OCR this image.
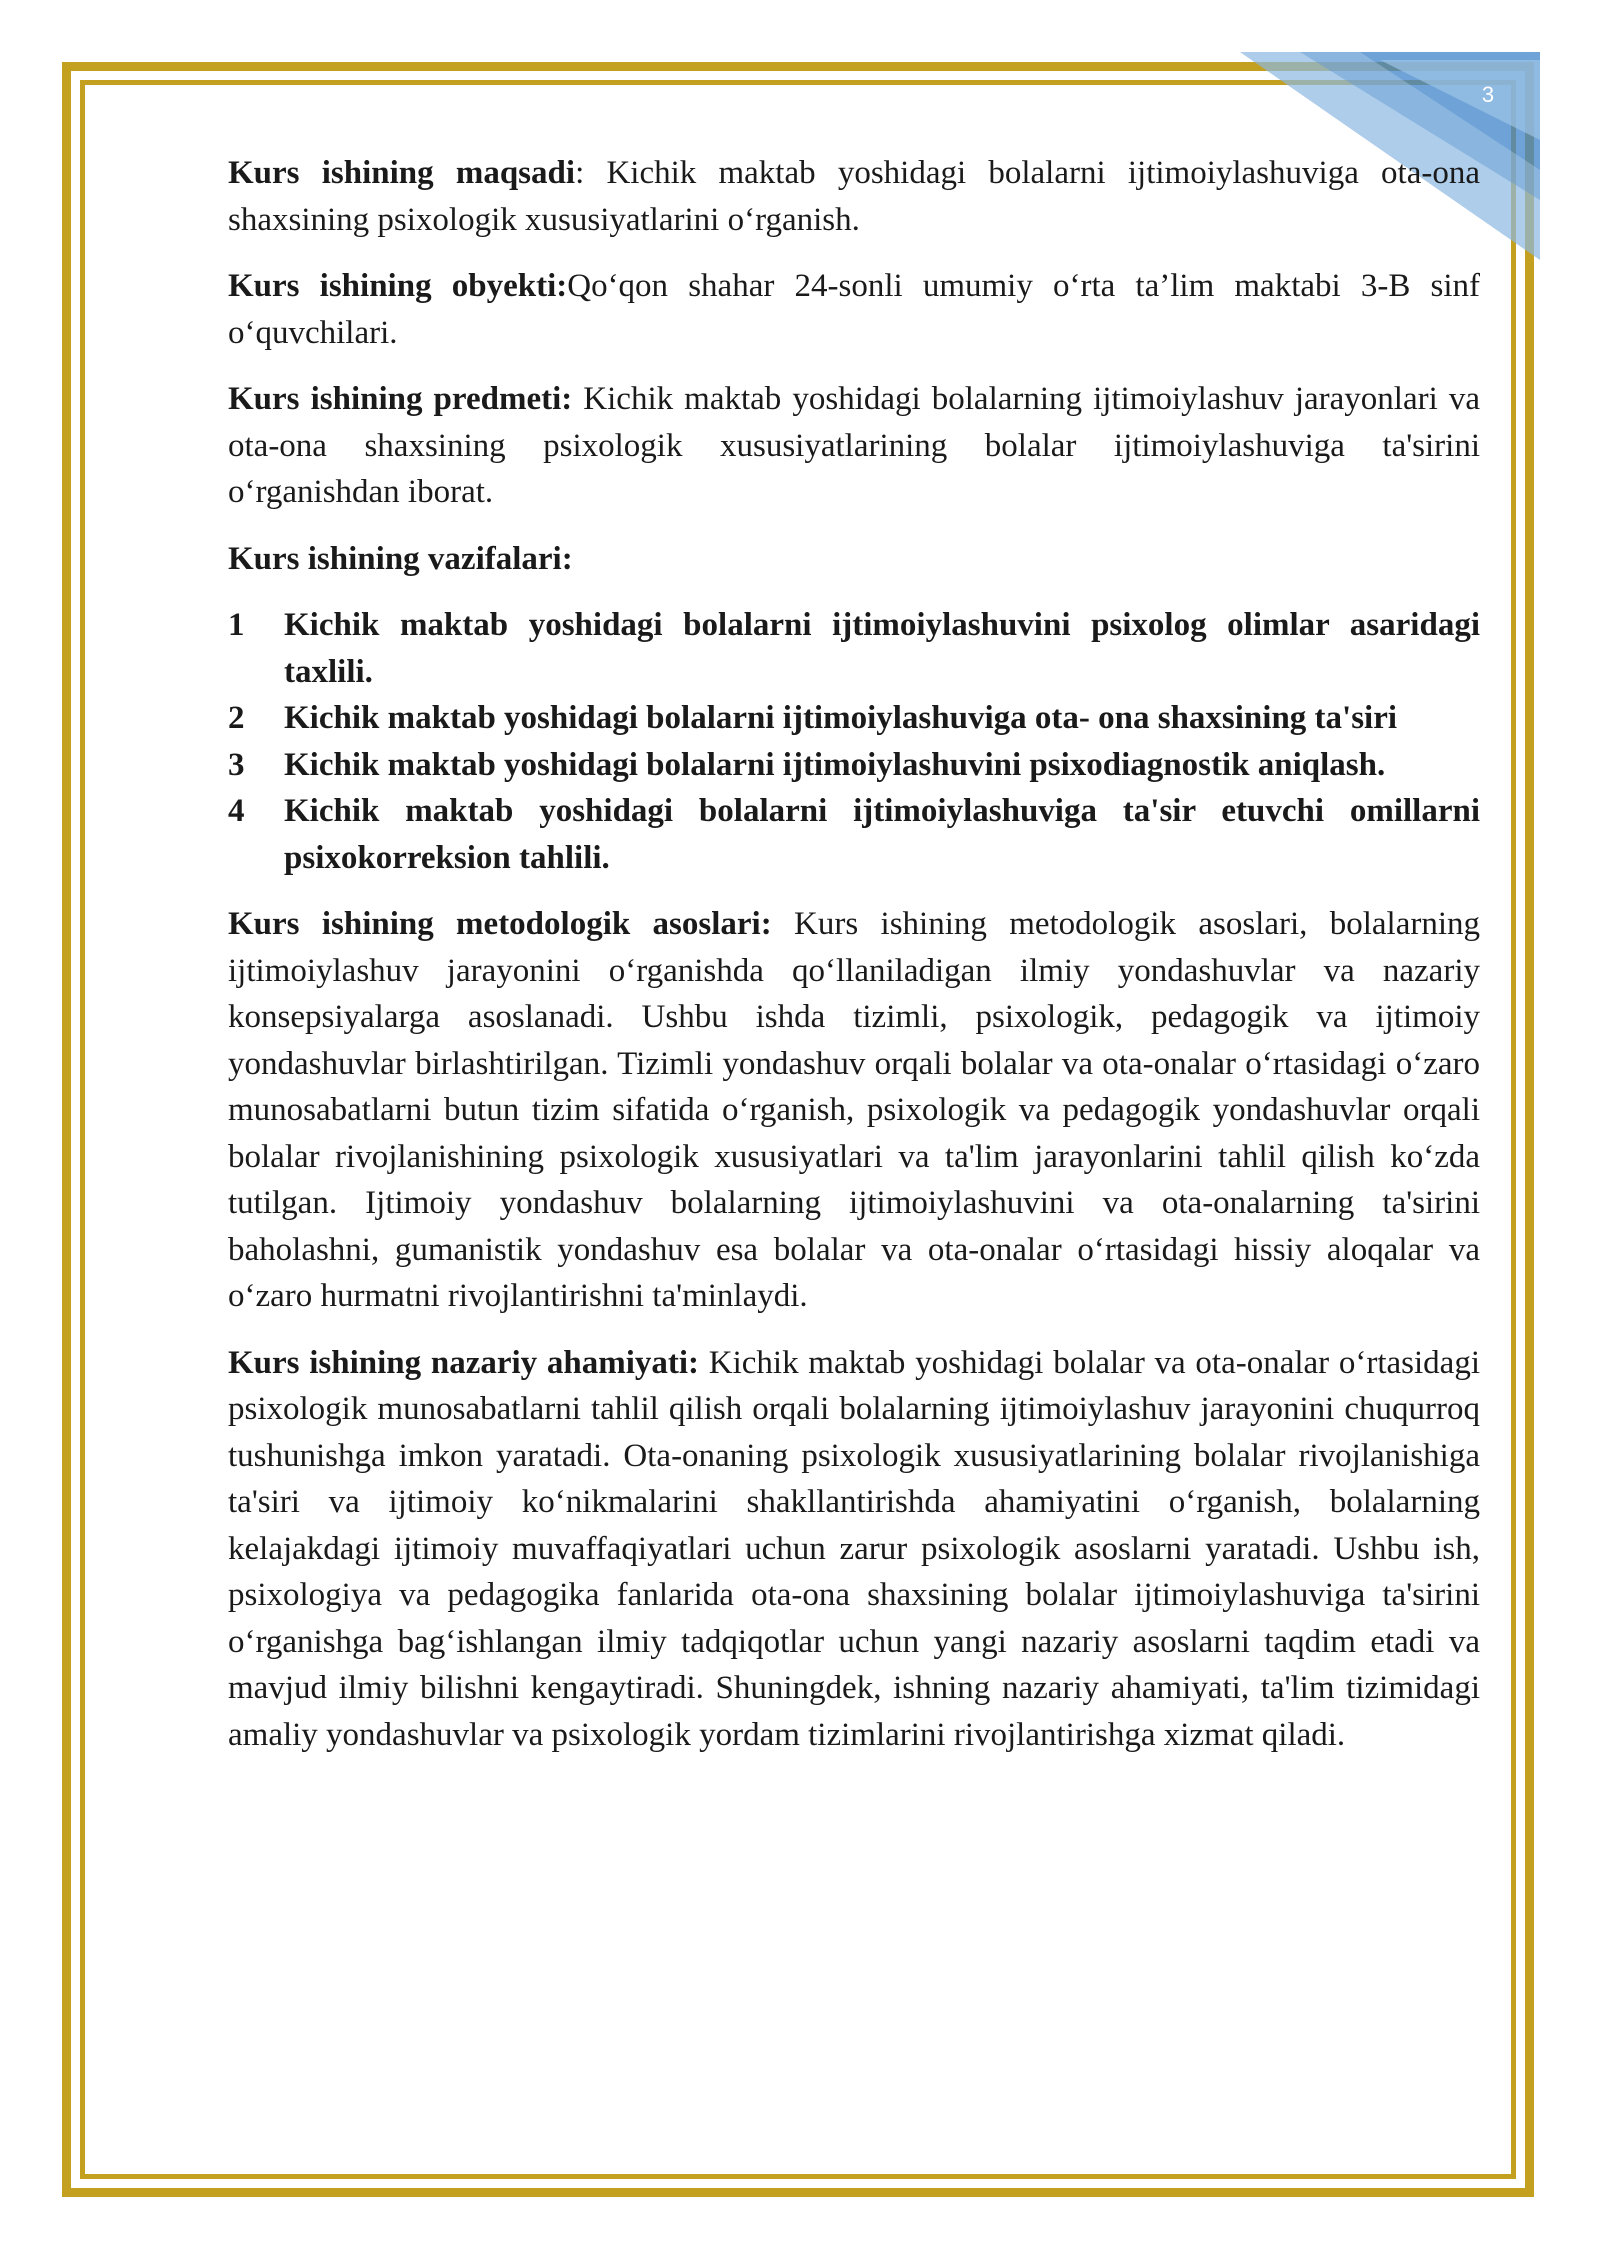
3

Kurs ishining maqsadi: Kichik maktab yoshidagi bolalarni ijtimoiylashuviga ota-ona shaxsining psixologik xususiyatlarini o‘rganish.

Kurs ishining obyekti:Qo‘qon shahar 24-sonli umumiy o‘rta ta’lim maktabi 3-B sinf o‘quvchilari.

Kurs ishining predmeti: Kichik maktab yoshidagi bolalarning ijtimoiylashuv jarayonlari va ota-ona shaxsining psixologik xususiyatlarining bolalar ijtimoiylashuviga ta'sirini o‘rganishdan iborat.

Kurs ishining vazifalari:

1 Kichik maktab yoshidagi bolalarni ijtimoiylashuvini psixolog olimlar asaridagi taxlili.
2 Kichik maktab yoshidagi bolalarni ijtimoiylashuviga ota- ona shaxsining ta'siri
3 Kichik maktab yoshidagi bolalarni ijtimoiylashuvini psixodiagnostik aniqlash.
4 Kichik maktab yoshidagi bolalarni ijtimoiylashuviga ta'sir etuvchi omillarni psixokorreksion tahlili.

Kurs ishining metodologik asoslari: Kurs ishining metodologik asoslari, bolalarning ijtimoiylashuv jarayonini o‘rganishda qo‘llaniladigan ilmiy yondashuvlar va nazariy konsepsiyalarga asoslanadi. Ushbu ishda tizimli, psixologik, pedagogik va ijtimoiy yondashuvlar birlashtirilgan. Tizimli yondashuv orqali bolalar va ota-onalar o‘rtasidagi o‘zaro munosabatlarni butun tizim sifatida o‘rganish, psixologik va pedagogik yondashuvlar orqali bolalar rivojlanishining psixologik xususiyatlari va ta'lim jarayonlarini tahlil qilish ko‘zda tutilgan. Ijtimoiy yondashuv bolalarning ijtimoiylashuvini va ota-onalarning ta'sirini baholashni, gumanistik yondashuv esa bolalar va ota-onalar o‘rtasidagi hissiy aloqalar va o‘zaro hurmatni rivojlantirishni ta'minlaydi.

Kurs ishining nazariy ahamiyati: Kichik maktab yoshidagi bolalar va ota-onalar o‘rtasidagi psixologik munosabatlarni tahlil qilish orqali bolalarning ijtimoiylashuv jarayonini chuqurroq tushunishga imkon yaratadi. Ota-onaning psixologik xususiyatlarining bolalar rivojlanishiga ta'siri va ijtimoiy ko‘nikmalarini shakllantirishda ahamiyatini o‘rganish, bolalarning kelajakdagi ijtimoiy muvaffaqiyatlari uchun zarur psixologik asoslarni yaratadi. Ushbu ish, psixologiya va pedagogika fanlarida ota-ona shaxsining bolalar ijtimoiylashuviga ta'sirini o‘rganishga bag‘ishlangan ilmiy tadqiqotlar uchun yangi nazariy asoslarni taqdim etadi va mavjud ilmiy bilishni kengaytiradi. Shuningdek, ishning nazariy ahamiyati, ta'lim tizimidagi amaliy yondashuvlar va psixologik yordam tizimlarini rivojlantirishga xizmat qiladi.
